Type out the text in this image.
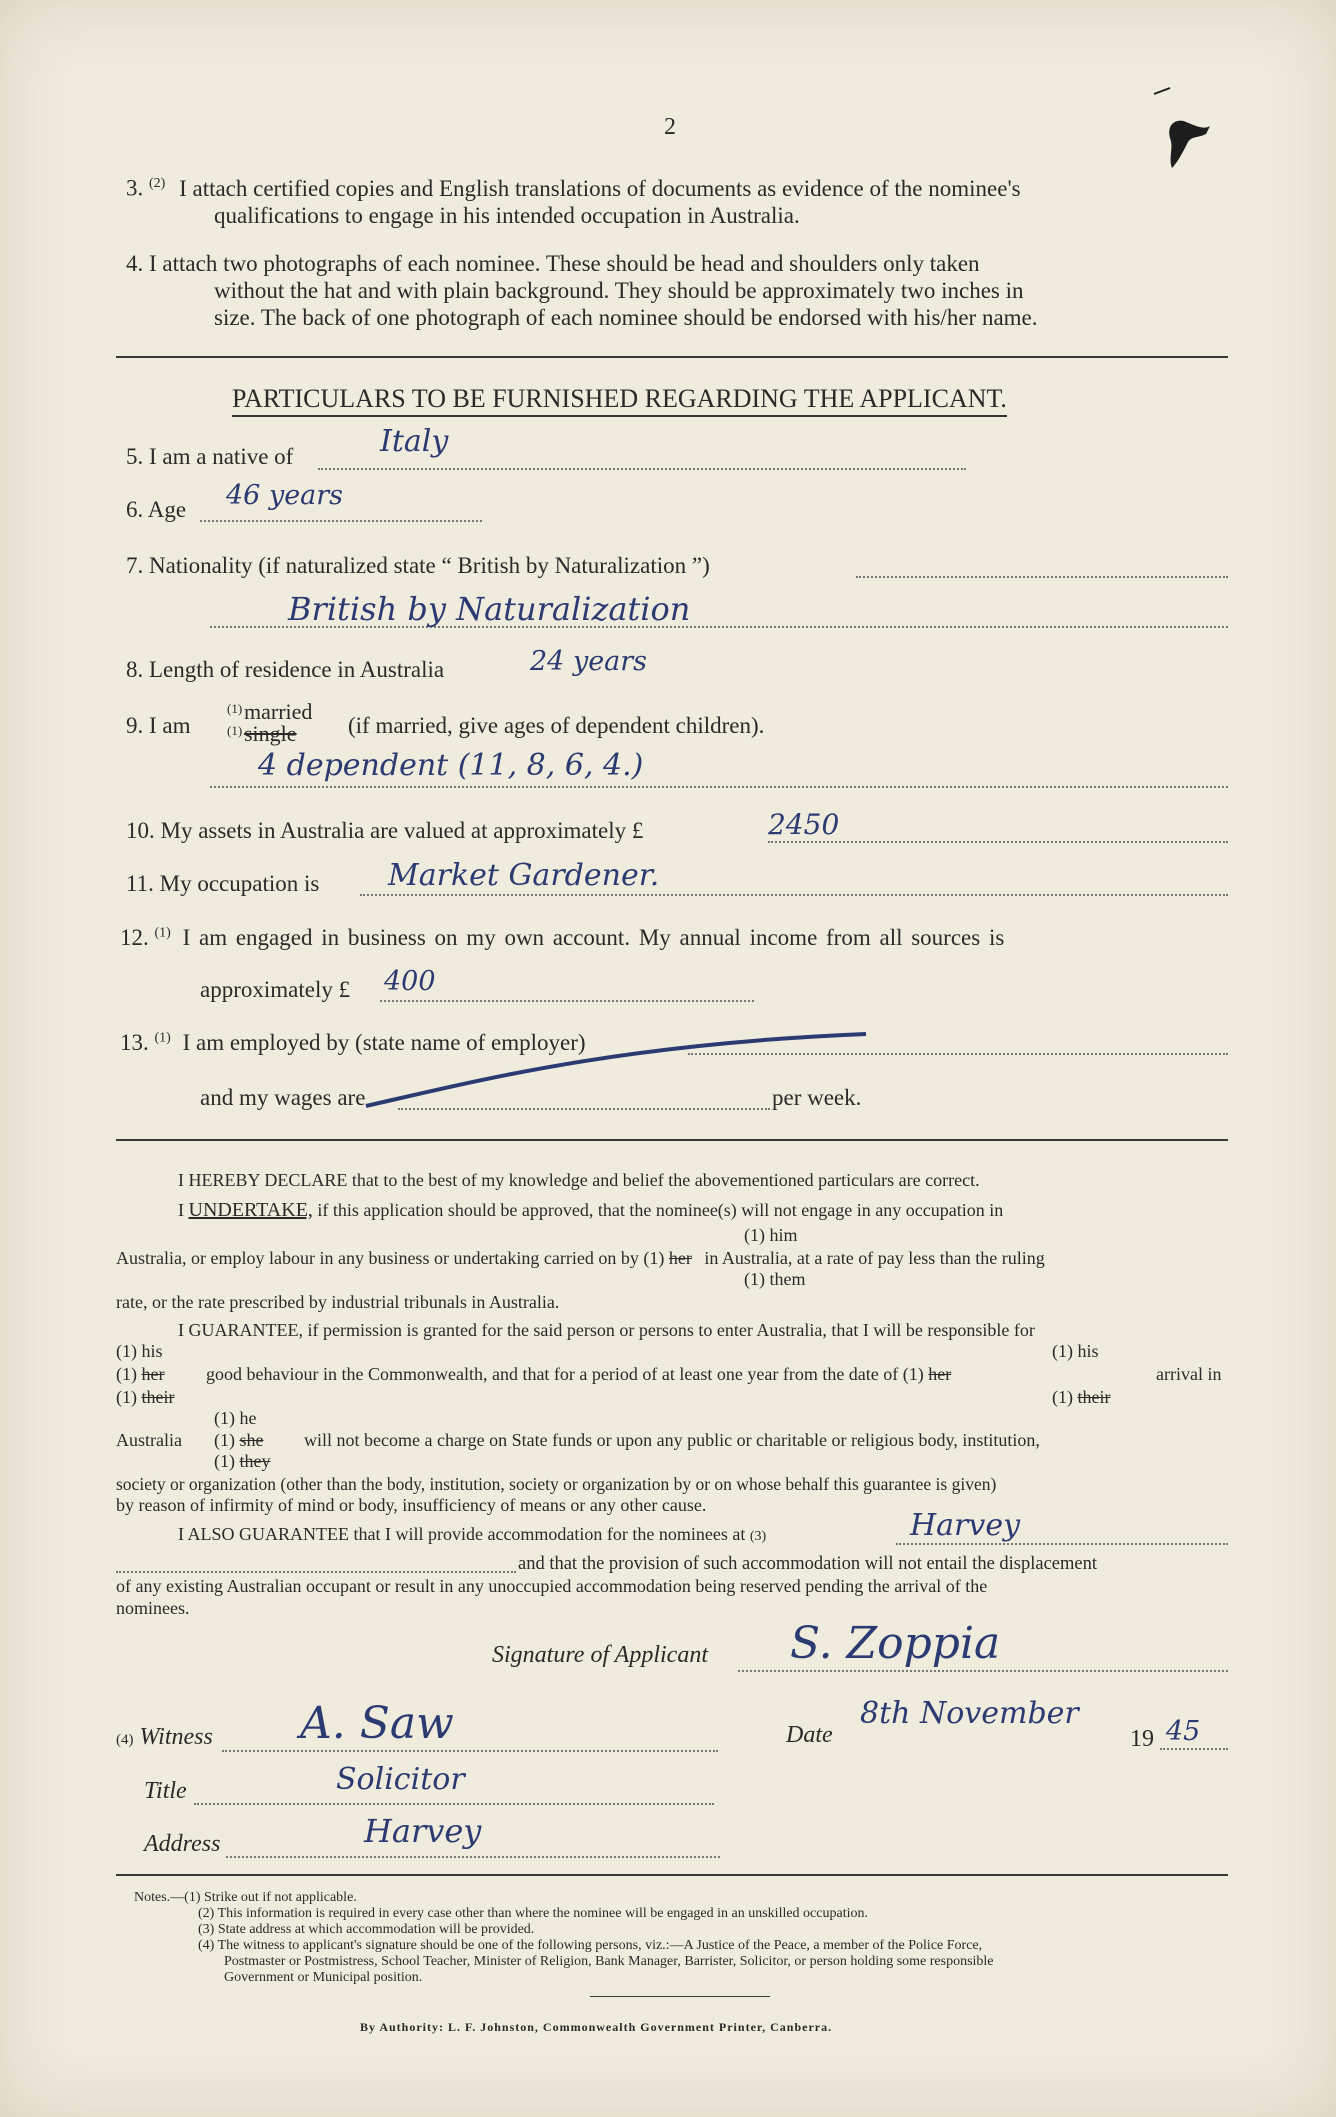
2
3. $^{(2)}$ I attach certified copies and English translations of documents as evidence of the nominee's
qualifications to engage in his intended occupation in Australia.
4. I attach two photographs of each nominee. These should be head and shoulders only taken
without the hat and with plain background. They should be approximately two inches in
size. The back of one photograph of each nominee should be endorsed with his/her name.
PARTICULARS TO BE FURNISHED REGARDING THE APPLICANT.
5. I am a native of	Italy
6. Age 46 years
7. Nationality (if naturalized state “ British by Naturalization ”)
British by Naturalization
8. Length of residence in Australia	24 years
9. I am
(1) married
(1) single (if married, give ages of dependent children).
4 dependent (11, 8, 6, 4.)
10. My assets in Australia are valued at approximately £	2450
11. My occupation is Market Gardener.
12. $^{(1)}$ I am engaged in business on my own account. My annual income from all sources is
approximately £ 400
13. $^{(1)}$ I am employed by (state name of employer)
and my wages are	per week.
I HEREBY DECLARE that to the best of my knowledge and belief the abovementioned particulars are correct.
I UNDERTAKE, if this application should be approved, that the nominee(s) will not engage in any occupation in
(1) him
Australia, or employ labour in any business or undertaking carried on by (1) her in Australia, at a rate of pay less than the ruling
(1) them
rate, or the rate prescribed by industrial tribunals in Australia.
I GUARANTEE, if permission is granted for the said person or persons to enter Australia, that I will be responsible for
(1) his
(1) her
(1) their
good behaviour in the Commonwealth, and that for a period of at least one year from the date of (1) her	arrival in
(1) his
(1) their
(1) he
Australia (1) she will not become a charge on State funds or upon any public or charitable or religious body, institution,
(1) they
society or organization (other than the body, institution, society or organization by or on whose behalf this guarantee is given)
by reason of infirmity of mind or body, insufficiency of means or any other cause.
I ALSO GUARANTEE that I will provide accommodation for the nominees at (3)	Harvey
and that the provision of such accommodation will not entail the displacement
of any existing Australian occupant or result in any unoccupied accommodation being reserved pending the arrival of the
nominees.
Signature of Applicant S. Zoppia
(4) Witness A. Saw	Date
8th November
19 45
Title	Solicitor
Address	Harvey
Notes.—(1) Strike out if not applicable.
(2) This information is required in every case other than where the nominee will be engaged in an unskilled occupation.
(3) State address at which accommodation will be provided.
(4) The witness to applicant's signature should be one of the following persons, viz.:—A Justice of the Peace, a member of the Police Force,
Postmaster or Postmistress, School Teacher, Minister of Religion, Bank Manager, Barrister, Solicitor, or person holding some responsible
Government or Municipal position.
By Authority: L. F. Johnston, Commonwealth Government Printer, Canberra.
